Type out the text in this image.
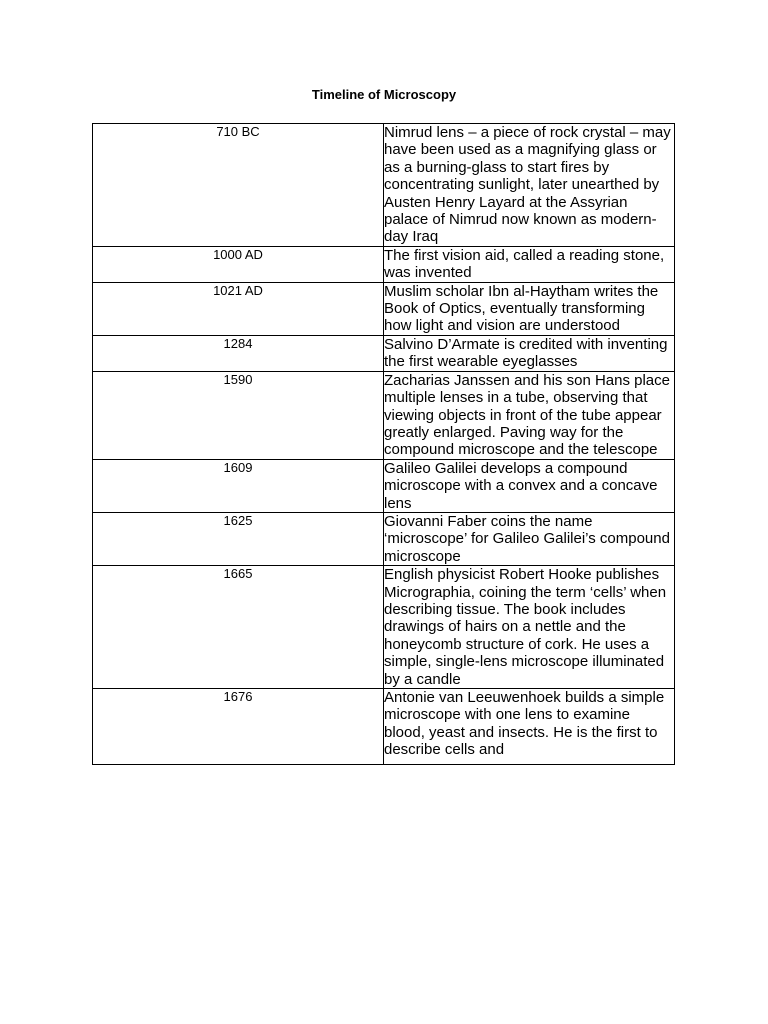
Timeline of Microscopy
710 BC	Nimrud lens – a piece of rock crystal – may have been used as a magnifying glass or as a burning-glass to start fires by concentrating sunlight, later unearthed by Austen Henry Layard at the Assyrian palace of Nimrud now known as modern-day Iraq
1000 AD	The first vision aid, called a reading stone, was invented
1021 AD	Muslim scholar Ibn al-Haytham writes the Book of Optics, eventually transforming how light and vision are understood
1284	Salvino D’Armate is credited with inventing the first wearable eyeglasses
1590	Zacharias Janssen and his son Hans place multiple lenses in a tube, observing that viewing objects in front of the tube appear greatly enlarged. Paving way for the compound microscope and the telescope
1609	Galileo Galilei develops a compound microscope with a convex and a concave lens
1625	Giovanni Faber coins the name ‘microscope’ for Galileo Galilei’s compound microscope
1665	English physicist Robert Hooke publishes Micrographia, coining the term ‘cells’ when describing tissue. The book includes drawings of hairs on a nettle and the honeycomb structure of cork. He uses a simple, single-lens microscope illuminated by a candle
1676	Antonie van Leeuwenhoek builds a simple microscope with one lens to examine blood, yeast and insects. He is the first to describe cells and
